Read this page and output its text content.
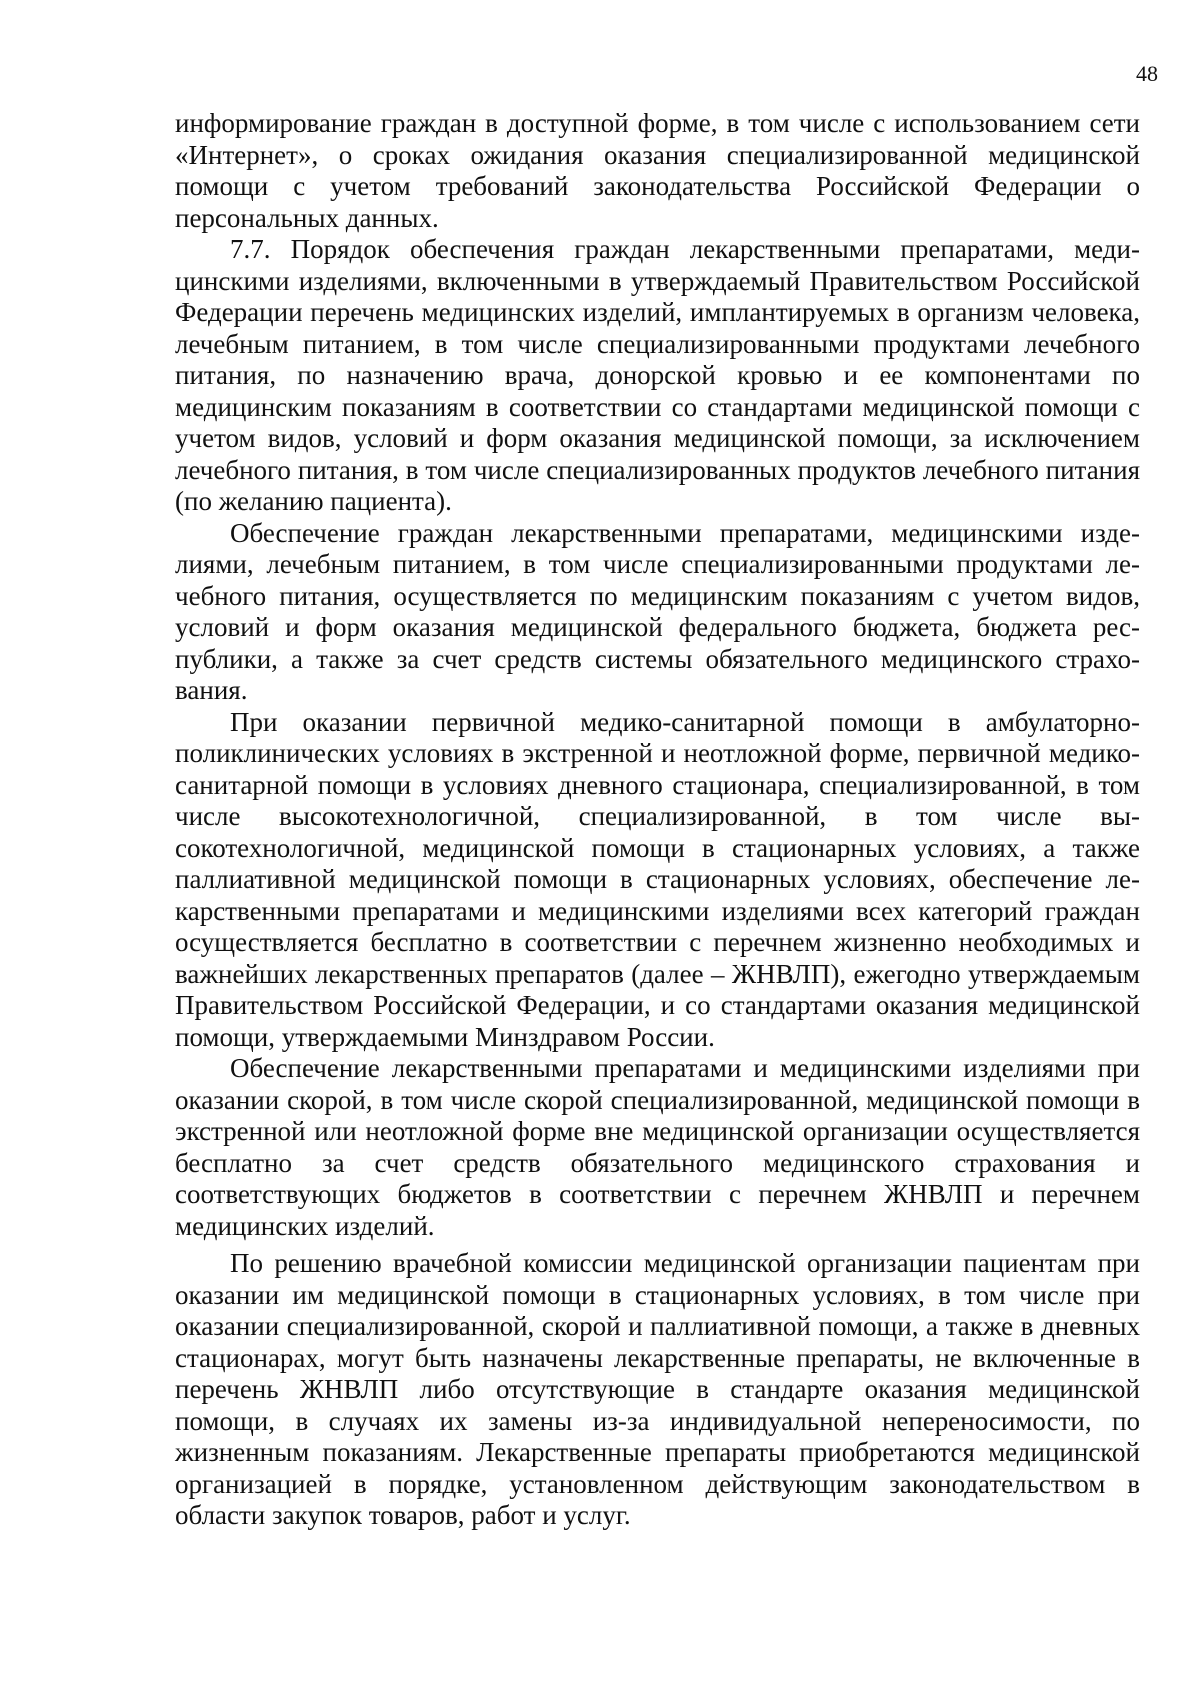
48

информирование граждан в доступной форме, в том числе с использованием сети «Интернет», о сроках ожидания оказания специализированной медицинской помощи с учетом требований законодательства Российской Федерации о персональных данных.

7.7. Порядок обеспечения граждан лекарственными препаратами, медицинскими изделиями, включенными в утверждаемый Правительством Российской Федерации перечень медицинских изделий, имплантируемых в организм человека, лечебным питанием, в том числе специализированными продуктами лечебного питания, по назначению врача, донорской кровью и ее компонентами по медицинским показаниям в соответствии со стандартами медицинской помощи с учетом видов, условий и форм оказания медицинской помощи, за исключением лечебного питания, в том числе специализированных продуктов лечебного питания (по желанию пациента).

Обеспечение граждан лекарственными препаратами, медицинскими изделиями, лечебным питанием, в том числе специализированными продуктами лечебного питания, осуществляется по медицинским показаниям с учетом видов, условий и форм оказания медицинской федерального бюджета, бюджета республики, а также за счет средств системы обязательного медицинского страхования.

При оказании первичной медико-санитарной помощи в амбулаторно-поликлинических условиях в экстренной и неотложной форме, первичной медико-санитарной помощи в условиях дневного стационара, специализированной, в том числе высокотехнологичной, специализированной, в том числе высокотехнологичной, медицинской помощи в стационарных условиях, а также паллиативной медицинской помощи в стационарных условиях, обеспечение лекарственными препаратами и медицинскими изделиями всех категорий граждан осуществляется бесплатно в соответствии с перечнем жизненно необходимых и важнейших лекарственных препаратов (далее – ЖНВЛП), ежегодно утверждаемым Правительством Российской Федерации, и со стандартами оказания медицинской помощи, утверждаемыми Минздравом России.

Обеспечение лекарственными препаратами и медицинскими изделиями при оказании скорой, в том числе скорой специализированной, медицинской помощи в экстренной или неотложной форме вне медицинской организации осуществляется бесплатно за счет средств обязательного медицинского страхования и соответствующих бюджетов в соответствии с перечнем ЖНВЛП и перечнем медицинских изделий.

По решению врачебной комиссии медицинской организации пациентам при оказании им медицинской помощи в стационарных условиях, в том числе при оказании специализированной, скорой и паллиативной помощи, а также в дневных стационарах, могут быть назначены лекарственные препараты, не включенные в перечень ЖНВЛП либо отсутствующие в стандарте оказания медицинской помощи, в случаях их замены из-за индивидуальной непереносимости, по жизненным показаниям. Лекарственные препараты приобретаются медицинской организацией в порядке, установленном действующим законодательством в области закупок товаров, работ и услуг.
